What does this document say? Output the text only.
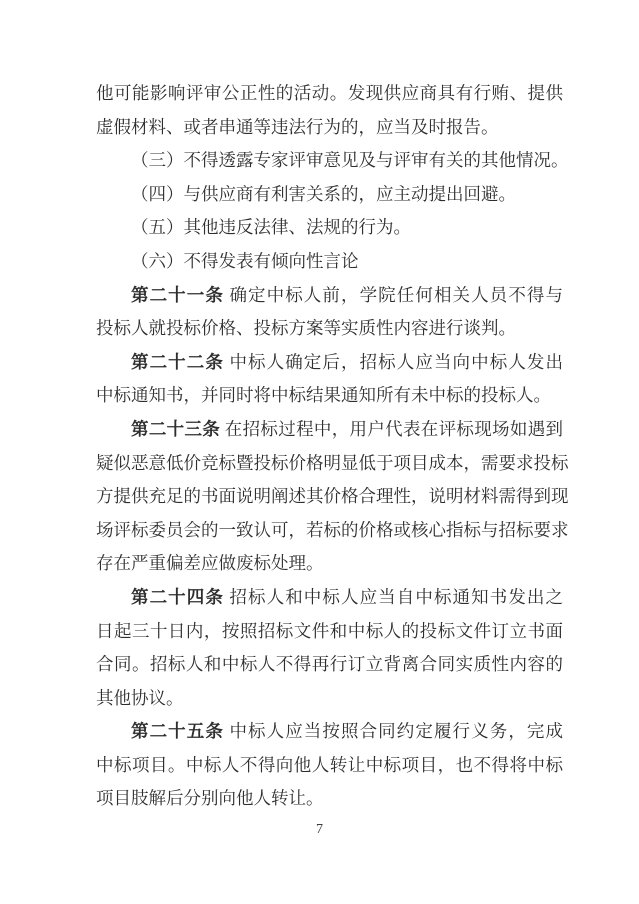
他可能影响评审公正性的活动。发现供应商具有行贿、提供
虚假材料、或者串通等违法行为的，应当及时报告。
（三）不得透露专家评审意见及与评审有关的其他情况。
（四）与供应商有利害关系的，应主动提出回避。
（五）其他违反法律、法规的行为。
（六）不得发表有倾向性言论
第二十一条 确定中标人前，学院任何相关人员不得与
投标人就投标价格、投标方案等实质性内容进行谈判。
第二十二条 中标人确定后，招标人应当向中标人发出
中标通知书，并同时将中标结果通知所有未中标的投标人。
第二十三条 在招标过程中，用户代表在评标现场如遇到
疑似恶意低价竞标暨投标价格明显低于项目成本，需要求投标
方提供充足的书面说明阐述其价格合理性，说明材料需得到现
场评标委员会的一致认可，若标的价格或核心指标与招标要求
存在严重偏差应做废标处理。
第二十四条 招标人和中标人应当自中标通知书发出之
日起三十日内，按照招标文件和中标人的投标文件订立书面
合同。招标人和中标人不得再行订立背离合同实质性内容的
其他协议。
第二十五条 中标人应当按照合同约定履行义务，完成
中标项目。中标人不得向他人转让中标项目，也不得将中标
项目肢解后分别向他人转让。
7
